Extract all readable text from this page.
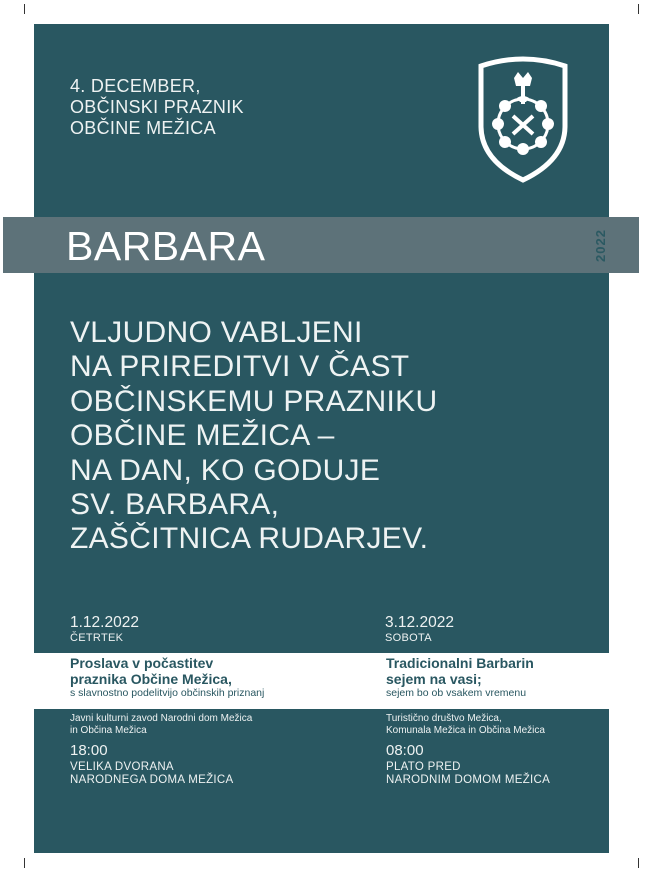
4. DECEMBER,
OBČINSKI PRAZNIK
OBČINE MEŽICA
BARBARA	2022
VLJUDNO VABLJENI
NA PRIREDITVI V ČAST
OBČINSKEMU PRAZNIKU
OBČINE MEŽICA –
NA DAN, KO GODUJE
SV. BARBARA,
ZAŠČITNICA RUDARJEV.
1.12.2022
ČETRTEK
3.12.2022
SOBOTA
Proslava v počastitev
praznika Občine Mežica,
s slavnostno podelitvijo občinskih priznanj
Tradicionalni Barbarin
sejem na vasi;
sejem bo ob vsakem vremenu
Javni kulturni zavod Narodni dom Mežica
in Občina Mežica
Turistično društvo Mežica,
Komunala Mežica in Občina Mežica
18:00	08:00
VELIKA DVORANA
NARODNEGA DOMA MEŽICA
PLATO PRED
NARODNIM DOMOM MEŽICA
